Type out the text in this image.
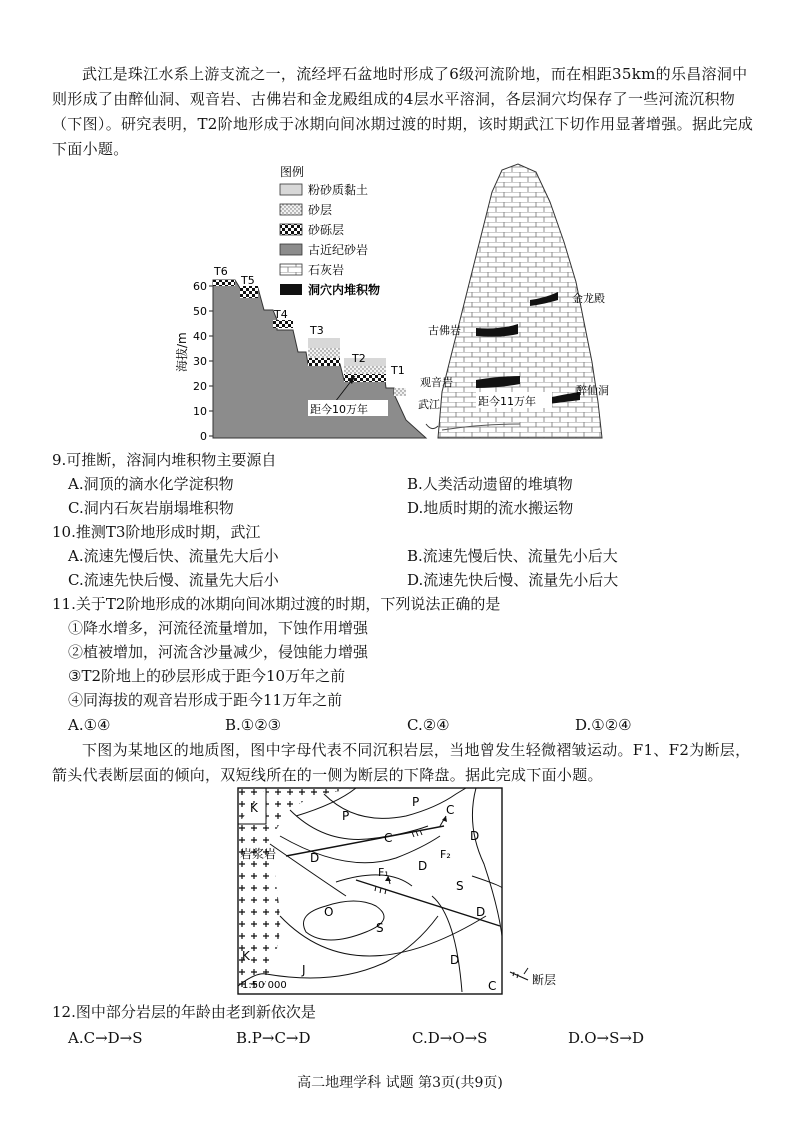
武江是珠江水系上游支流之一，流经坪石盆地时形成了6级河流阶地，而在相距35km的乐昌溶洞中则形成了由醉仙洞、观音岩、古佛岩和金龙殿组成的4层水平溶洞，各层洞穴均保存了一些河流沉积物（下图）。研究表明，T2阶地形成于冰期向间冰期过渡的时期，该时期武江下切作用显著增强。据此完成下面小题。
图例
粉砂质黏土
砂层
砂砾层
古近纪砂岩
石灰岩
洞穴内堆积物
海拔/m
60
50
40
30
20
10
0
T6
T5
T4
T3
T2
T1
距今10万年	武江
金龙殿
古佛岩
观音岩
醉仙洞
距今11万年
9.可推断，溶洞内堆积物主要源自
A.洞顶的滴水化学淀积物	B.人类活动遗留的堆填物
C.洞内石灰岩崩塌堆积物	D.地质时期的流水搬运物
10.推测T3阶地形成时期，武江
A.流速先慢后快、流量先大后小	B.流速先慢后快、流量先小后大
C.流速先快后慢、流量先大后小	D.流速先快后慢、流量先小后大
11.关于T2阶地形成的冰期向间冰期过渡的时期，下列说法正确的是
①降水增多，河流径流量增加，下蚀作用增强
②植被增加，河流含沙量减少，侵蚀能力增强
③T2阶地上的砂层形成于距今10万年之前
④同海拔的观音岩形成于距今11万年之前
A.①④	B.①②③	C.②④	D.①②④
下图为某地区的地质图，图中字母代表不同沉积岩层，当地曾发生轻微褶皱运动。F1、F2为断层，箭头代表断层面的倾向，双短线所在的一侧为断层的下降盘。据此完成下面小题。
K
P
P
C
C
D
D
D
S
S
O	D
D
K
J
C
岩浆岩
F₁
F₂
1:50 000	断层
12.图中部分岩层的年龄由老到新依次是
A.C→D→S	B.P→C→D	C.D→O→S	D.O→S→D
高二地理学科 试题 第3页(共9页)
